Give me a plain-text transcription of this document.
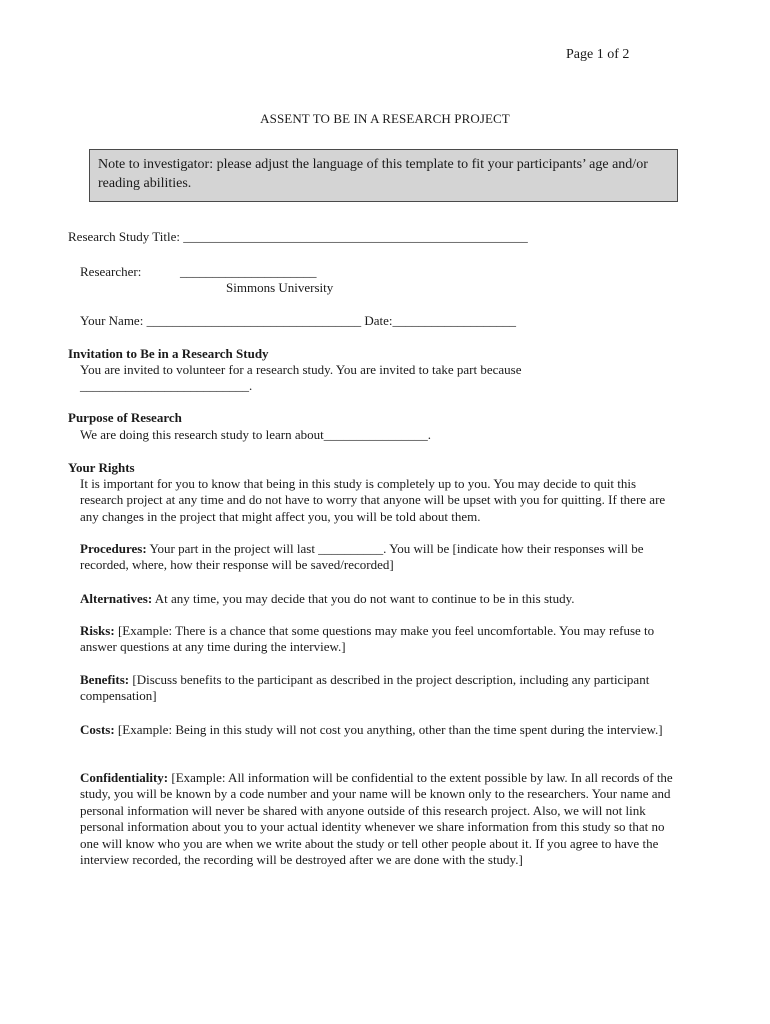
Page 1 of 2
ASSENT TO BE IN A RESEARCH PROJECT
Note to investigator: please adjust the language of this template to fit your participants’ age and/or reading abilities.
Research Study Title: _____________________________________________________
Researcher:	_____________________
Simmons University
Your Name: _________________________________ Date:___________________
Invitation to Be in a Research Study
You are invited to volunteer for a research study. You are invited to take part because
__________________________.
Purpose of Research
We are doing this research study to learn about________________.
Your Rights
It is important for you to know that being in this study is completely up to you. You may decide to quit this research project at any time and do not have to worry that anyone will be upset with you for quitting. If there are any changes in the project that might affect you, you will be told about them.
Procedures: Your part in the project will last __________. You will be [indicate how their responses will be recorded, where, how their response will be saved/recorded]
Alternatives: At any time, you may decide that you do not want to continue to be in this study.
Risks: [Example: There is a chance that some questions may make you feel uncomfortable. You may refuse to answer questions at any time during the interview.]
Benefits: [Discuss benefits to the participant as described in the project description, including any participant compensation]
Costs: [Example: Being in this study will not cost you anything, other than the time spent during the interview.]
Confidentiality: [Example: All information will be confidential to the extent possible by law. In all records of the study, you will be known by a code number and your name will be known only to the researchers. Your name and personal information will never be shared with anyone outside of this research project. Also, we will not link personal information about you to your actual identity whenever we share information from this study so that no one will know who you are when we write about the study or tell other people about it. If you agree to have the interview recorded, the recording will be destroyed after we are done with the study.]
